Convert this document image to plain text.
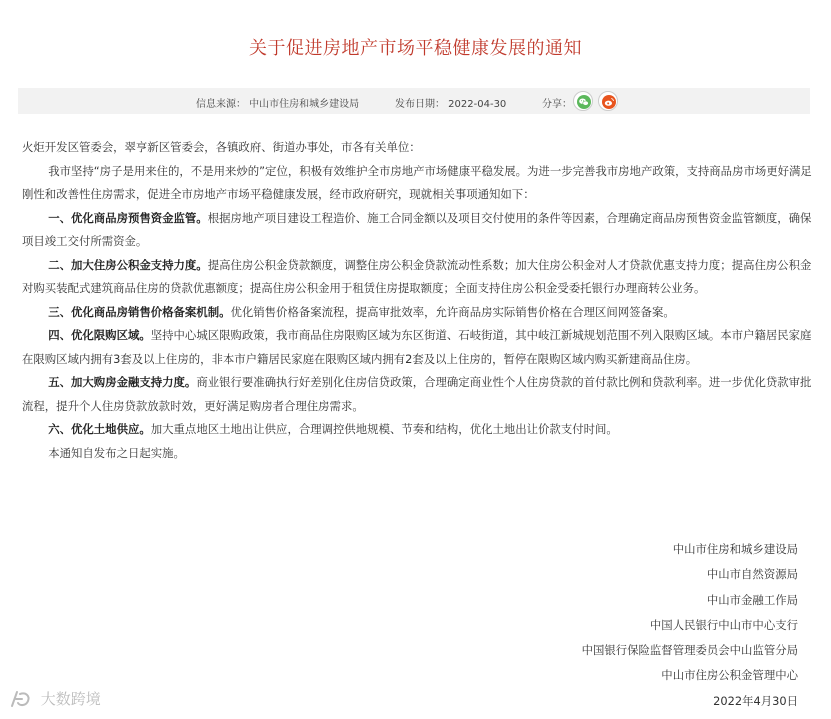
关于促进房地产市场平稳健康发展的通知
信息来源： 中山市住房和城乡建设局	发布日期： 2022-04-30	分享：

火炬开发区管委会，翠亨新区管委会，各镇政府、街道办事处，市各有关单位：

我市坚持“房子是用来住的，不是用来炒的”定位，积极有效维护全市房地产市场健康平稳发展。为进一步完善我市房地产政策，支持商品房市场更好满足刚性和改善性住房需求，促进全市房地产市场平稳健康发展，经市政府研究，现就相关事项通知如下：

一、优化商品房预售资金监管。根据房地产项目建设工程造价、施工合同金额以及项目交付使用的条件等因素，合理确定商品房预售资金监管额度，确保项目竣工交付所需资金。

二、加大住房公积金支持力度。提高住房公积金贷款额度，调整住房公积金贷款流动性系数；加大住房公积金对人才贷款优惠支持力度；提高住房公积金对购买装配式建筑商品住房的贷款优惠额度；提高住房公积金用于租赁住房提取额度；全面支持住房公积金受委托银行办理商转公业务。

三、优化商品房销售价格备案机制。优化销售价格备案流程，提高审批效率，允许商品房实际销售价格在合理区间网签备案。

四、优化限购区域。坚持中心城区限购政策，我市商品住房限购区域为东区街道、石岐街道，其中岐江新城规划范围不列入限购区域。本市户籍居民家庭在限购区域内拥有3套及以上住房的，非本市户籍居民家庭在限购区域内拥有2套及以上住房的，暂停在限购区域内购买新建商品住房。

五、加大购房金融支持力度。商业银行要准确执行好差别化住房信贷政策，合理确定商业性个人住房贷款的首付款比例和贷款利率。进一步优化贷款审批流程，提升个人住房贷款放款时效，更好满足购房者合理住房需求。

六、优化土地供应。加大重点地区土地出让供应，合理调控供地规模、节奏和结构，优化土地出让价款支付时间。

本通知自发布之日起实施。

中山市住房和城乡建设局
中山市自然资源局
中山市金融工作局
中国人民银行中山市中心支行
中国银行保险监督管理委员会中山监管分局
中山市住房公积金管理中心
2022年4月30日
大数跨境
